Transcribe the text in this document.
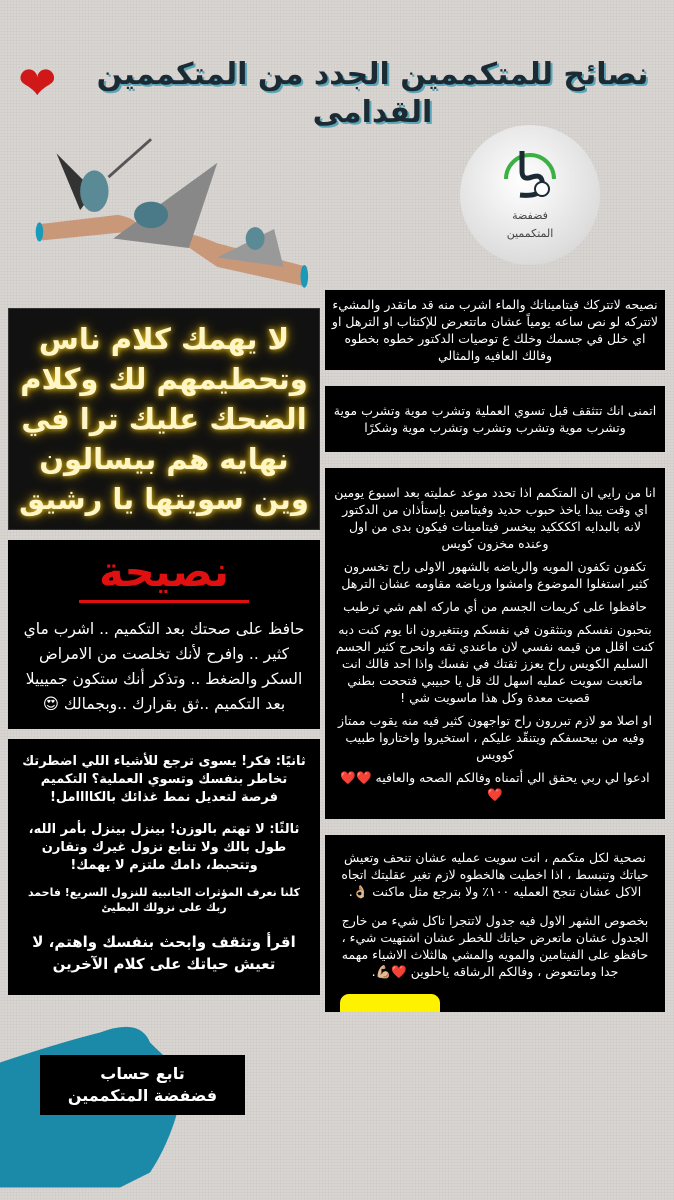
❤	نصائح للمتكممين الجدد من المتكممين القدامى
فضفضة
المتكممين
لا يهمك كلام ناس
وتحطيمهم لك وكلام
الضحك عليك ترا في
نهايه هم بيسالون
وين سويتها يا رشيق
نصيحة
حافظ على صحتك بعد التكميم .. اشرب ماي كثير .. وافرح لأنك تخلصت من الامراض السكر والضغط .. وتذكر أنك ستكون جميييلا بعد التكميم ..ثق بقرارك ..وبجمالك 😍

ثانيًا: فكر! يسوى ترجع للأشياء اللي اضطرتك تخاطر بنفسك وتسوي العملية؟ التكميم فرصة لتعديل نمط غذائك بالكاااامل!

ثالثًا: لا تهتم بالوزن! بينزل بينزل بأمر الله، طول بالك ولا تتابع نزول غيرك وتقارن وتتحبط، دامك ملتزم لا يهمك!

كلنا نعرف المؤثرات الجانبية للنزول السريع! فاحمد ربك على نزولك البطيئ

اقرأ وتثقف وابحث بنفسك واهتم، لا تعيش حياتك على كلام الآخرين

تابع حساب
فضفضة المتكممين
نصيحه لاتتركك فيتاميناتك والماء اشرب منه قد ماتقدر والمشيء لاتتركه لو نص ساعه يومياً عشان ماتتعرض للإكتئاب او الترهل او اي خلل في جسمك وخلك ع توصيات الدكتور خطوه بخطوه وفالك العافيه والمثالي
اتمنى انك تتثقف قبل تسوي العملية وتشرب موية وتشرب موية وتشرب موية وتشرب وتشرب وتشرب موية وشكرًا

انا من رايي ان المتكمم اذا تحدد موعد عمليته بعد اسبوع يومين اي وقت يبدا ياخذ حبوب حديد وفيتامين بإستأذان من الدكتور لانه بالبدايه اككككيد بيخسر فيتامينات فيكون بدى من اول وعنده مخزون كويس

تكفون تكفون المويه والرياضه بالشهور الاولى راح تخسرون كثير استغلوا الموضوع وامشوا ورياضه مقاومه عشان الترهل

حافظوا على كريمات الجسم من أي ماركه اهم شي ترطيب

بتحبون نفسكم وبتثقون في نفسكم وبتتغيرون انا يوم كنت دبه كنت اقلل من قيمه نفسي لان ماعندي ثقه وانحرج كثير الجسم السليم الكويس راح يعزز ثقتك في نفسك واذا احد قالك انت ماتعبت سويت عمليه اسهل لك قل يا حبيبي فتححت بطني قصيت معدة وكل هذا ماسويت شي !

او اصلا مو لازم تبررون راح تواجهون كثير فيه منه يقوب ممتاز وفيه من بيحسفكم ويتنقّد عليكم ، استخيروا واختاروا طبيب كوويس

ادعوا لي ربي يحقق الي أتمناه وفالكم الصحه والعافيه ❤️❤️❤️

نصحية لكل متكمم ، انت سويت عمليه عشان تنحف وتعيش حياتك وتنبسط ، اذا اخطيت هالخطوه لازم تغير عقليتك اتجاه الاكل عشان تنجح العمليه ١٠٠٪ ولا بترجع مثل ماكنت 👌🏼.

بخصوص الشهر الاول فيه جدول لاتتجرا تاكل شيء من خارج الجدول عشان ماتعرض حياتك للخطر عشان اشتهيت شيء ، حافظو على الفيتامين والمويه والمشي هالثلاث الاشياء مهمه جدا وماتتعوض ، وفالكم الرشاقه ياحلوين ❤️💪🏼.
